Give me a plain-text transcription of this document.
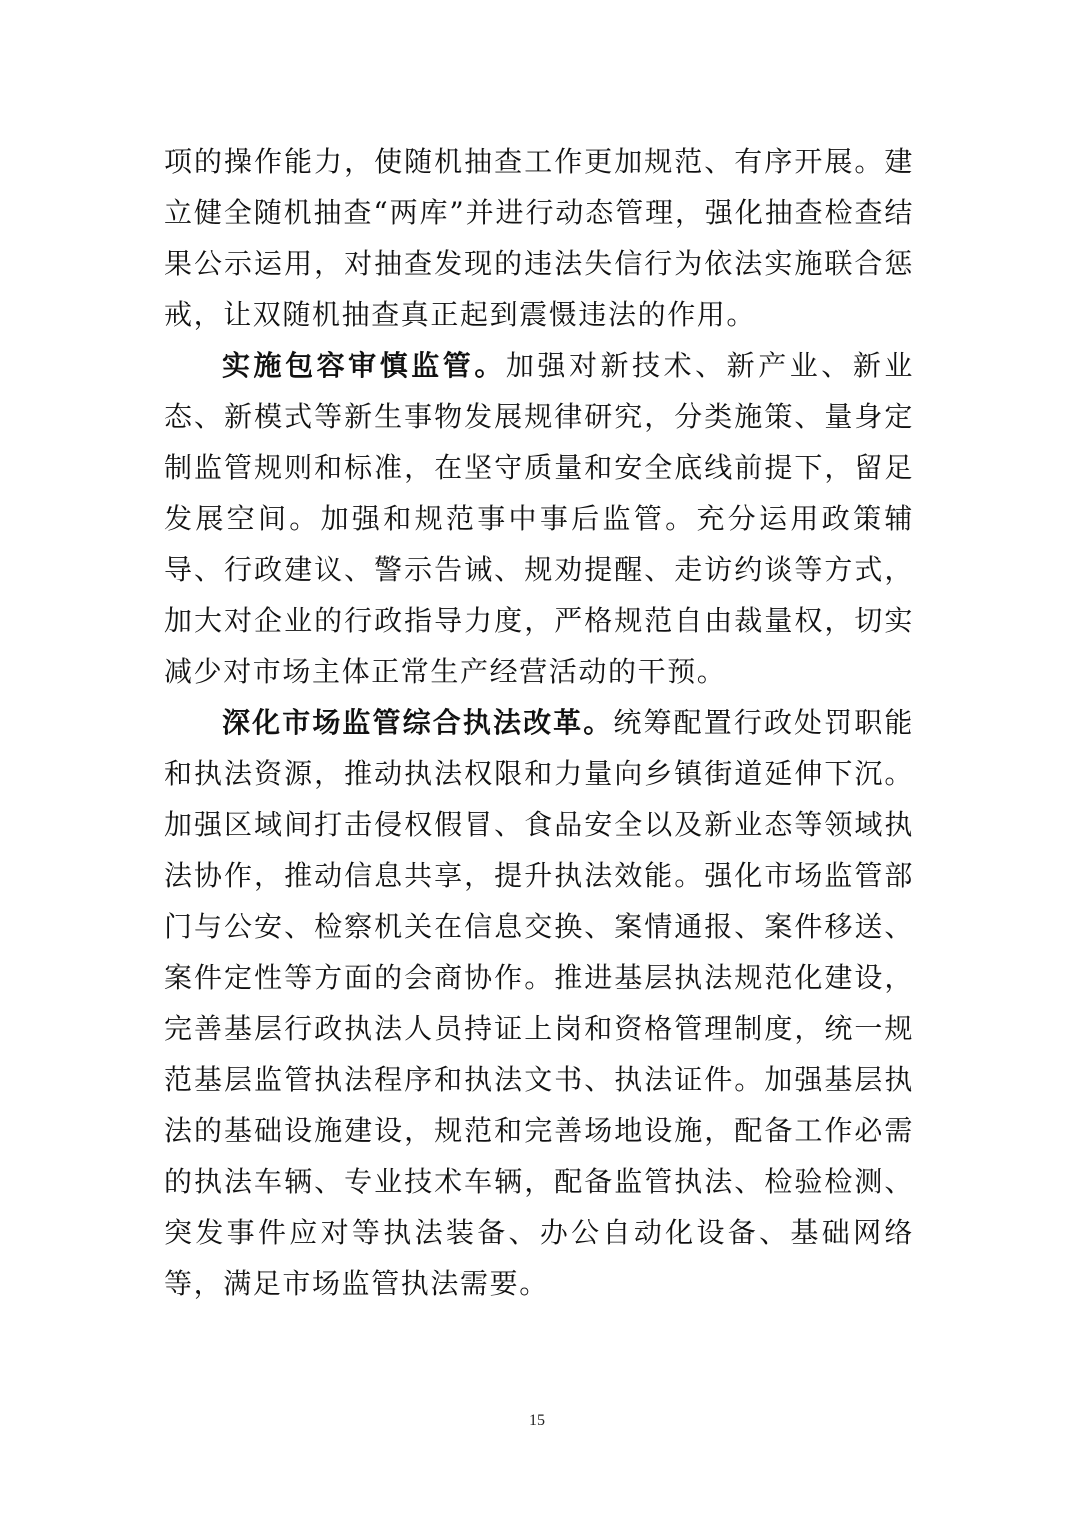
项的操作能力，使随机抽查工作更加规范、有序开展。建立健全随机抽查“两库”并进行动态管理，强化抽查检查结果公示运用，对抽查发现的违法失信行为依法实施联合惩戒，让双随机抽查真正起到震慑违法的作用。

实施包容审慎监管。加强对新技术、新产业、新业态、新模式等新生事物发展规律研究，分类施策、量身定制监管规则和标准，在坚守质量和安全底线前提下，留足发展空间。加强和规范事中事后监管。充分运用政策辅导、行政建议、警示告诫、规劝提醒、走访约谈等方式，加大对企业的行政指导力度，严格规范自由裁量权，切实减少对市场主体正常生产经营活动的干预。

深化市场监管综合执法改革。统筹配置行政处罚职能和执法资源，推动执法权限和力量向乡镇街道延伸下沉。加强区域间打击侵权假冒、食品安全以及新业态等领域执法协作，推动信息共享，提升执法效能。强化市场监管部门与公安、检察机关在信息交换、案情通报、案件移送、案件定性等方面的会商协作。推进基层执法规范化建设，完善基层行政执法人员持证上岗和资格管理制度，统一规范基层监管执法程序和执法文书、执法证件。加强基层执法的基础设施建设，规范和完善场地设施，配备工作必需的执法车辆、专业技术车辆，配备监管执法、检验检测、突发事件应对等执法装备、办公自动化设备、基础网络等，满足市场监管执法需要。

15
